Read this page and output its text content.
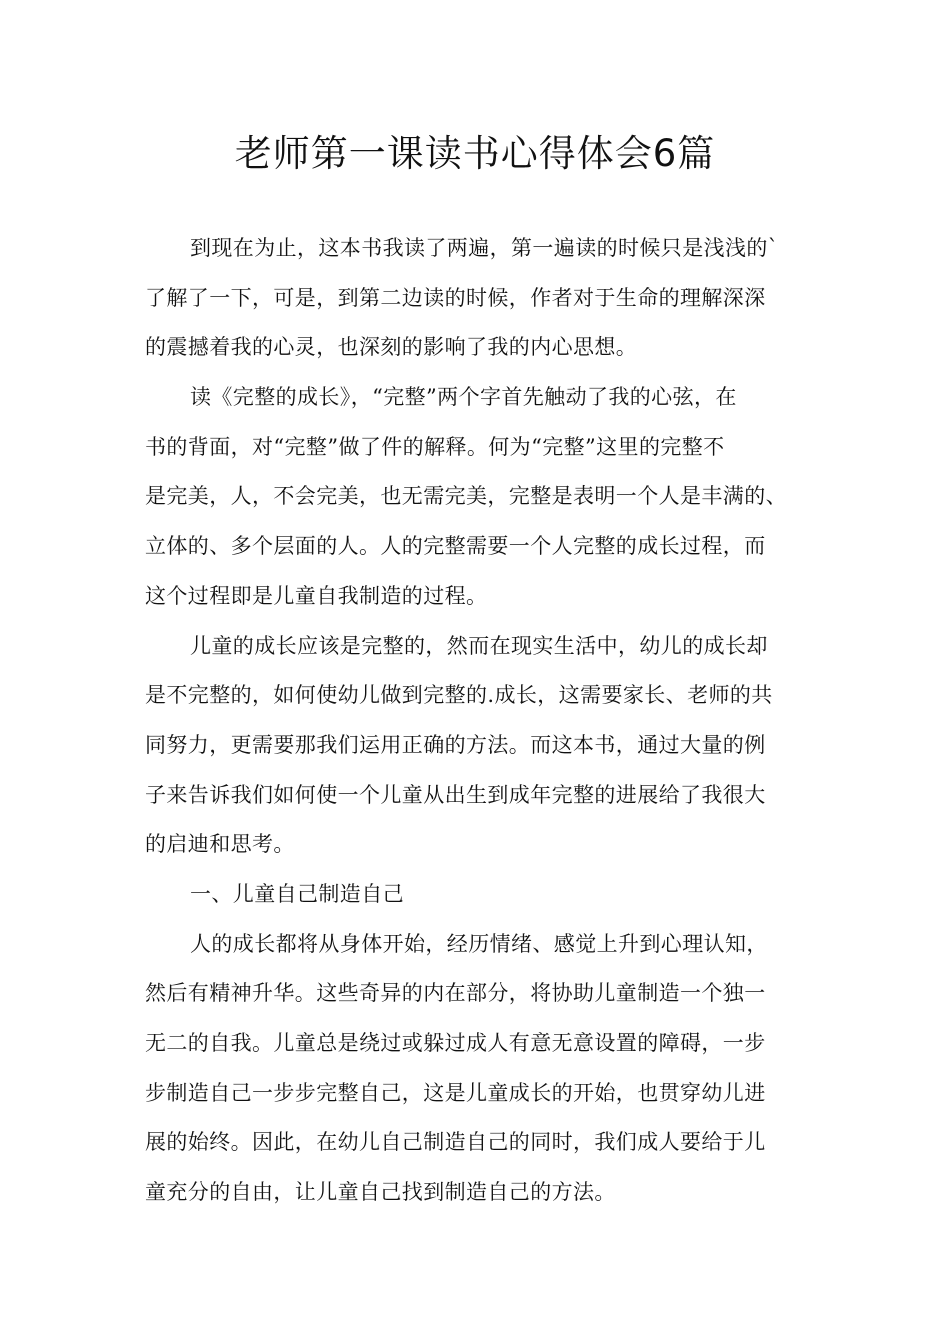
老师第一课读书心得体会6篇
到现在为止，这本书我读了两遍，第一遍读的时候只是浅浅的`
了解了一下，可是，到第二边读的时候，作者对于生命的理解深深
的震撼着我的心灵，也深刻的影响了我的内心思想。
读《完整的成长》，“完整”两个字首先触动了我的心弦，在
书的背面，对“完整”做了件的解释。何为“完整”这里的完整不
是完美，人，不会完美，也无需完美，完整是表明一个人是丰满的、
立体的、多个层面的人。人的完整需要一个人完整的成长过程，而
这个过程即是儿童自我制造的过程。
儿童的成长应该是完整的，然而在现实生活中，幼儿的成长却
是不完整的，如何使幼儿做到完整的.成长，这需要家长、老师的共
同努力，更需要那我们运用正确的方法。而这本书，通过大量的例
子来告诉我们如何使一个儿童从出生到成年完整的进展给了我很大
的启迪和思考。
一、儿童自己制造自己
人的成长都将从身体开始，经历情绪、感觉上升到心理认知，
然后有精神升华。这些奇异的内在部分，将协助儿童制造一个独一
无二的自我。儿童总是绕过或躲过成人有意无意设置的障碍，一步
步制造自己一步步完整自己，这是儿童成长的开始，也贯穿幼儿进
展的始终。因此，在幼儿自己制造自己的同时，我们成人要给于儿
童充分的自由，让儿童自己找到制造自己的方法。
